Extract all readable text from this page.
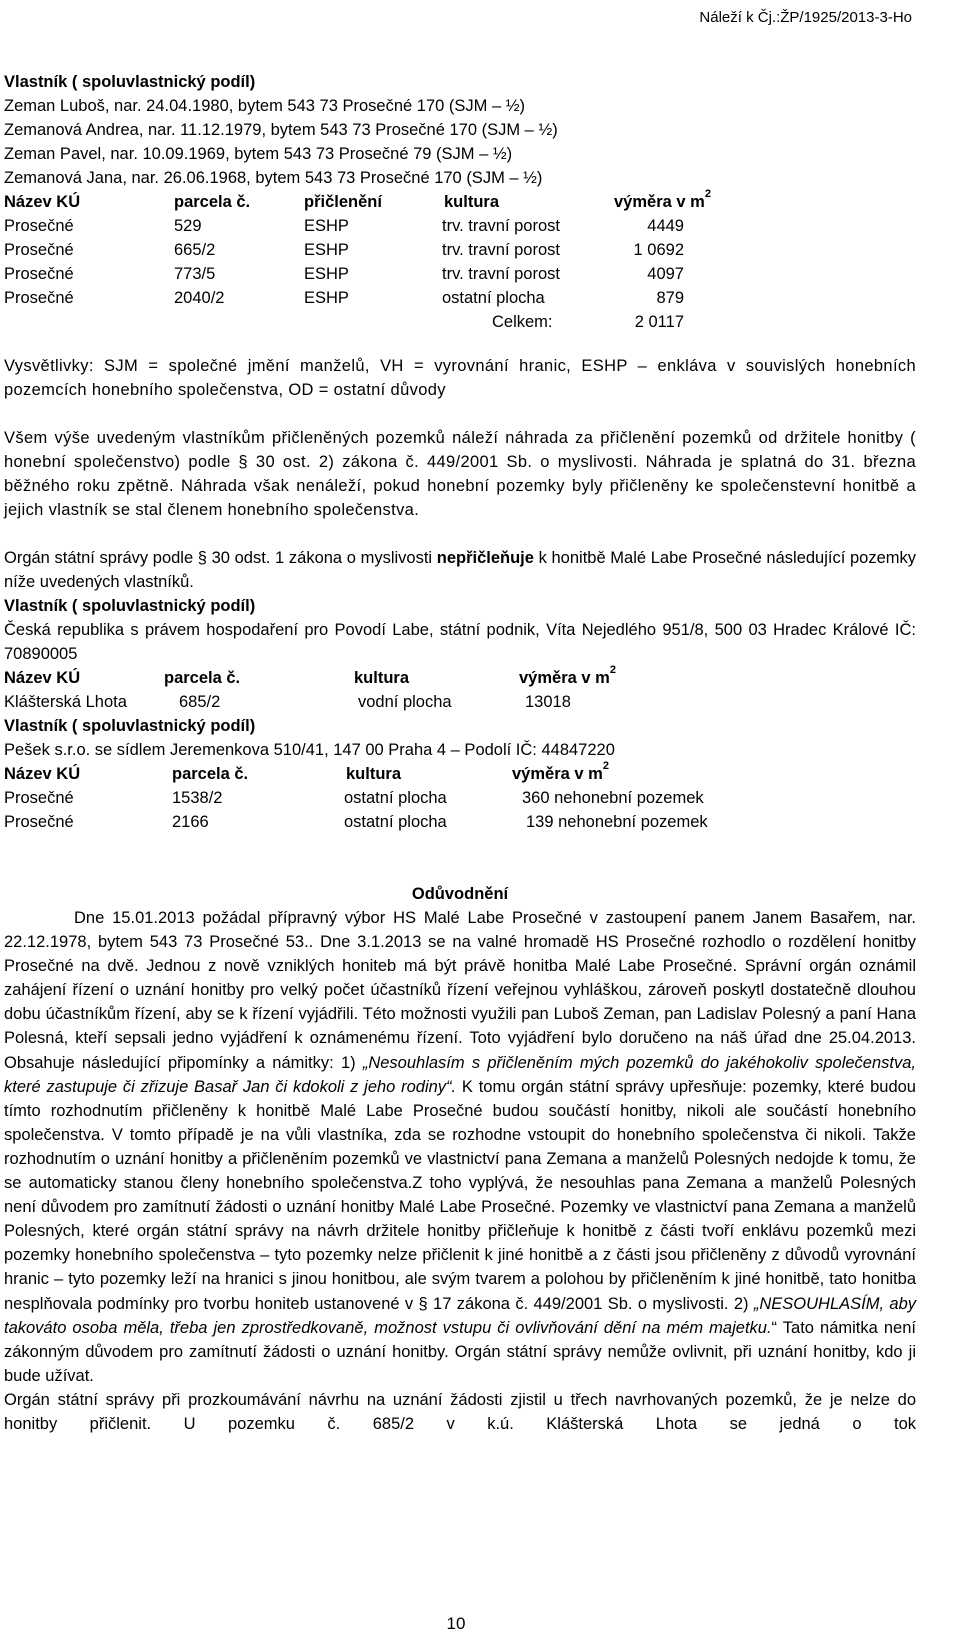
Náleží k Čj.:ŽP/1925/2013-3-Ho
Vlastník ( spoluvlastnický podíl)
Zeman Luboš, nar. 24.04.1980, bytem 543 73 Prosečné 170 (SJM – ½)
Zemanová Andrea, nar. 11.12.1979, bytem 543 73 Prosečné 170 (SJM – ½)
Zeman Pavel, nar. 10.09.1969, bytem 543 73 Prosečné 79 (SJM – ½)
Zemanová Jana, nar. 26.06.1968, bytem 543 73 Prosečné 170 (SJM – ½)
Název KÚ	parcela č.	přičlenění	kultura	výměra v $m^2$
Prosečné	529	ESHP	trv. travní porost	4449
Prosečné	665/2	ESHP	trv. travní porost	1 0692
Prosečné	773/5	ESHP	trv. travní porost	4097
Prosečné	2040/2	ESHP	ostatní plocha	879
Celkem:	2 0117
Vysvětlivky: SJM = společné jmění manželů, VH = vyrovnání hranic, ESHP – enkláva v souvislých honebních pozemcích honebního společenstva, OD = ostatní důvody
Všem výše uvedeným vlastníkům přičleněných pozemků náleží náhrada za přičlenění pozemků od držitele honitby ( honební společenstvo) podle § 30 ost. 2) zákona č. 449/2001 Sb. o myslivosti. Náhrada je splatná do 31. března běžného roku zpětně. Náhrada však nenáleží, pokud honební pozemky byly přičleněny ke společenstevní honitbě a jejich vlastník se stal členem honebního společenstva.
Orgán státní správy podle § 30 odst. 1 zákona o myslivosti nepřičleňuje k honitbě Malé Labe Prosečné následující pozemky níže uvedených vlastníků.
Vlastník ( spoluvlastnický podíl)
Česká republika s právem hospodaření pro Povodí Labe, státní podnik, Víta Nejedlého 951/8, 500 03 Hradec Králové IČ: 70890005
Název KÚ	parcela č.	kultura	výměra v $m^2$
Klášterská Lhota	685/2	vodní plocha	13018
Vlastník ( spoluvlastnický podíl)
Pešek s.r.o. se sídlem Jeremenkova 510/41, 147 00 Praha 4 – Podolí IČ: 44847220
Název KÚ	parcela č.	kultura	výměra v $m^2$
Prosečné	1538/2	ostatní plocha	360 nehonební pozemek
Prosečné	2166	ostatní plocha	139 nehonební pozemek
Odůvodnění
Dne 15.01.2013 požádal přípravný výbor HS Malé Labe Prosečné v zastoupení panem Janem Basařem, nar. 22.12.1978, bytem 543 73 Prosečné 53.. Dne 3.1.2013 se na valné hromadě HS Prosečné rozhodlo o rozdělení honitby Prosečné na dvě. Jednou z nově vzniklých honiteb má být právě honitba Malé Labe Prosečné. Správní orgán oznámil zahájení řízení o uznání honitby pro velký počet účastníků řízení veřejnou vyhláškou, zároveň poskytl dostatečně dlouhou dobu účastníkům řízení, aby se k řízení vyjádřili. Této možnosti využili pan Luboš Zeman, pan Ladislav Polesný a paní Hana Polesná, kteří sepsali jedno vyjádření k oznámenému řízení. Toto vyjádření bylo doručeno na náš úřad dne 25.04.2013. Obsahuje následující připomínky a námitky: 1) „Nesouhlasím s přičleněním mých pozemků do jakéhokoliv společenstva, které zastupuje či zřizuje Basař Jan či kdokoli z jeho rodiny“. K tomu orgán státní správy upřesňuje: pozemky, které budou tímto rozhodnutím přičleněny k honitbě Malé Labe Prosečné budou součástí honitby, nikoli ale součástí honebního společenstva. V tomto případě je na vůli vlastníka, zda se rozhodne vstoupit do honebního společenstva či nikoli. Takže rozhodnutím o uznání honitby a přičleněním pozemků ve vlastnictví pana Zemana a manželů Polesných nedojde k tomu, že se automaticky stanou členy honebního společenstva.Z toho vyplývá, že nesouhlas pana Zemana a manželů Polesných není důvodem pro zamítnutí žádosti o uznání honitby Malé Labe Prosečné. Pozemky ve vlastnictví pana Zemana a manželů Polesných, které orgán státní správy na návrh držitele honitby přičleňuje k honitbě z části tvoří enklávu pozemků mezi pozemky honebního společenstva – tyto pozemky nelze přičlenit k jiné honitbě a z části jsou přičleněny z důvodů vyrovnání hranic – tyto pozemky leží na hranici s jinou honitbou, ale svým tvarem a polohou by přičleněním k jiné honitbě, tato honitba nesplňovala podmínky pro tvorbu honiteb ustanovené v § 17 zákona č. 449/2001 Sb. o myslivosti. 2) „NESOUHLASÍM, aby takováto osoba měla, třeba jen zprostředkovaně, možnost vstupu či ovlivňování dění na mém majetku.“ Tato námitka není zákonným důvodem pro zamítnutí žádosti o uznání honitby. Orgán státní správy nemůže ovlivnit, při uznání honitby, kdo ji bude užívat.
Orgán státní správy při prozkoumávání návrhu na uznání žádosti zjistil u třech navrhovaných pozemků, že je nelze do honitby přičlenit. U pozemku č. 685/2 v k.ú. Klášterská Lhota se jedná o tok
10
